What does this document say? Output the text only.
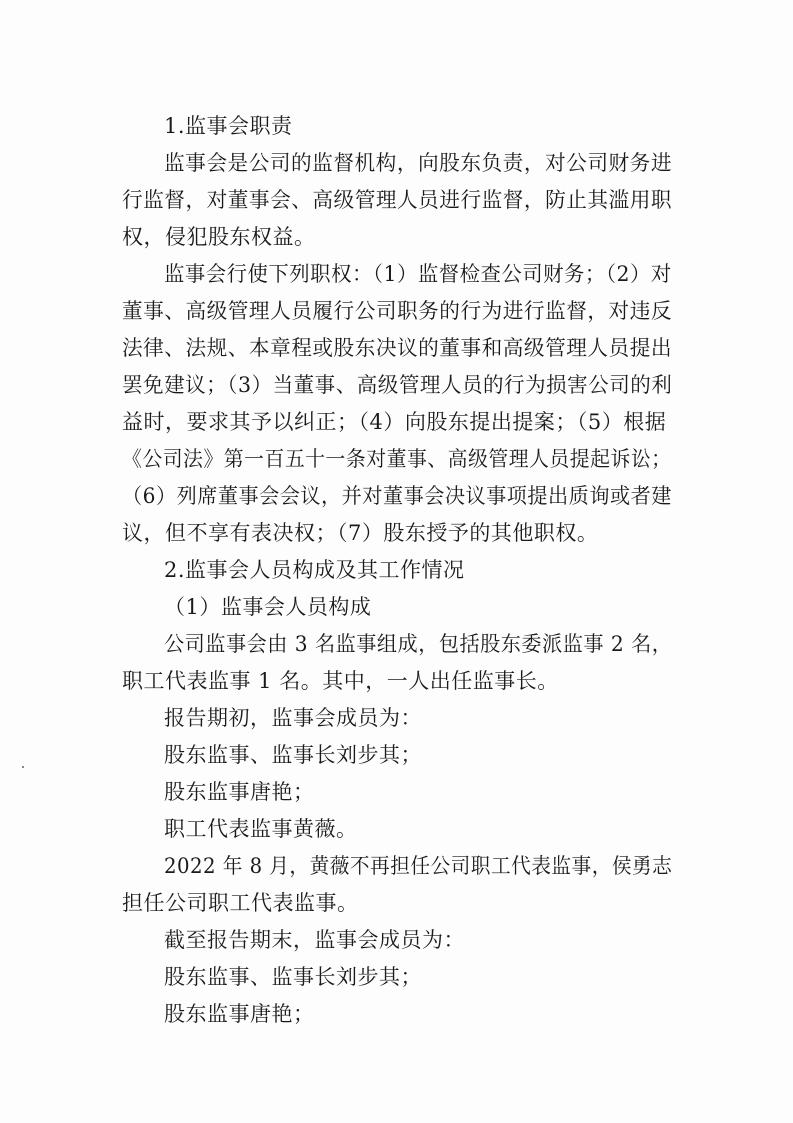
1.监事会职责
监事会是公司的监督机构，向股东负责，对公司财务进
行监督，对董事会、高级管理人员进行监督，防止其滥用职
权，侵犯股东权益。
监事会行使下列职权：（1）监督检查公司财务；（2）对
董事、高级管理人员履行公司职务的行为进行监督，对违反
法律、法规、本章程或股东决议的董事和高级管理人员提出
罢免建议；（3）当董事、高级管理人员的行为损害公司的利
益时，要求其予以纠正；（4）向股东提出提案；（5）根据
《公司法》第一百五十一条对董事、高级管理人员提起诉讼；
（6）列席董事会会议，并对董事会决议事项提出质询或者建
议，但不享有表决权；（7）股东授予的其他职权。
2.监事会人员构成及其工作情况
（1）监事会人员构成
公司监事会由 3 名监事组成，包括股东委派监事 2 名，
职工代表监事 1 名。其中，一人出任监事长。
报告期初，监事会成员为：
股东监事、监事长刘步其；
股东监事唐艳；
职工代表监事黄薇。
2022 年 8 月，黄薇不再担任公司职工代表监事，侯勇志
担任公司职工代表监事。
截至报告期末，监事会成员为：
股东监事、监事长刘步其；
股东监事唐艳；
